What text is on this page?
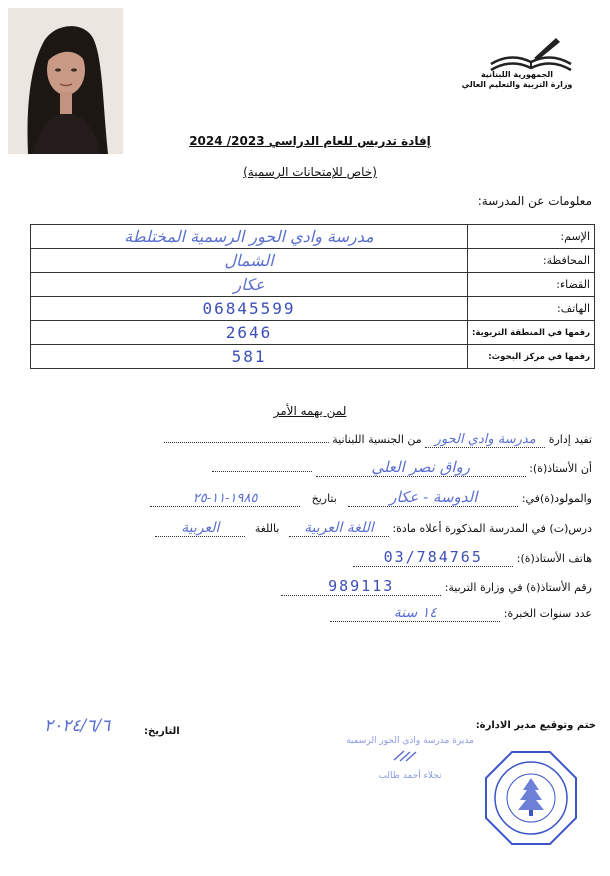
الجمهورية اللبنانية
وزارة التربية والتعليم العالي
إفادة تدريس للعام الدراسي 2023/ 2024
(خاص للإمتحانات الرسمية)
معلومات عن المدرسة:
مدرسة وادي الحور الرسمية المختلطة	الإسم:
الشمال	المحافظة:
عكار	القضاء:
06845599	الهاتف:
2646	رقمها في المنطقة التربوية:
581	رقمها في مركز البحوث:
لمن يهمه الأمر
تفيد إدارة مدرسة وادي الحور من الجنسية اللبنانية
أن الأستاذ(ة): رواق نصر العلي
والمولود(ة)في: الدوسة - عكار بتاريخ ١٩٨٥-١١-٢٥
درس(ت) في المدرسة المذكورة أعلاه مادة: اللغة العربية باللغة العربية
هاتف الأستاذ(ة): 03/784765
رقم الأستاذ(ة) في وزارة التربية: 989113
عدد سنوات الخبرة: ١٤ سنة
ختم وتوقيع مدير الادارة:
التاريخ:
٢٠٢٤/٦/٦
مديرة مدرسة وادي الحور الرسمية
نجلاء أحمد طالب
